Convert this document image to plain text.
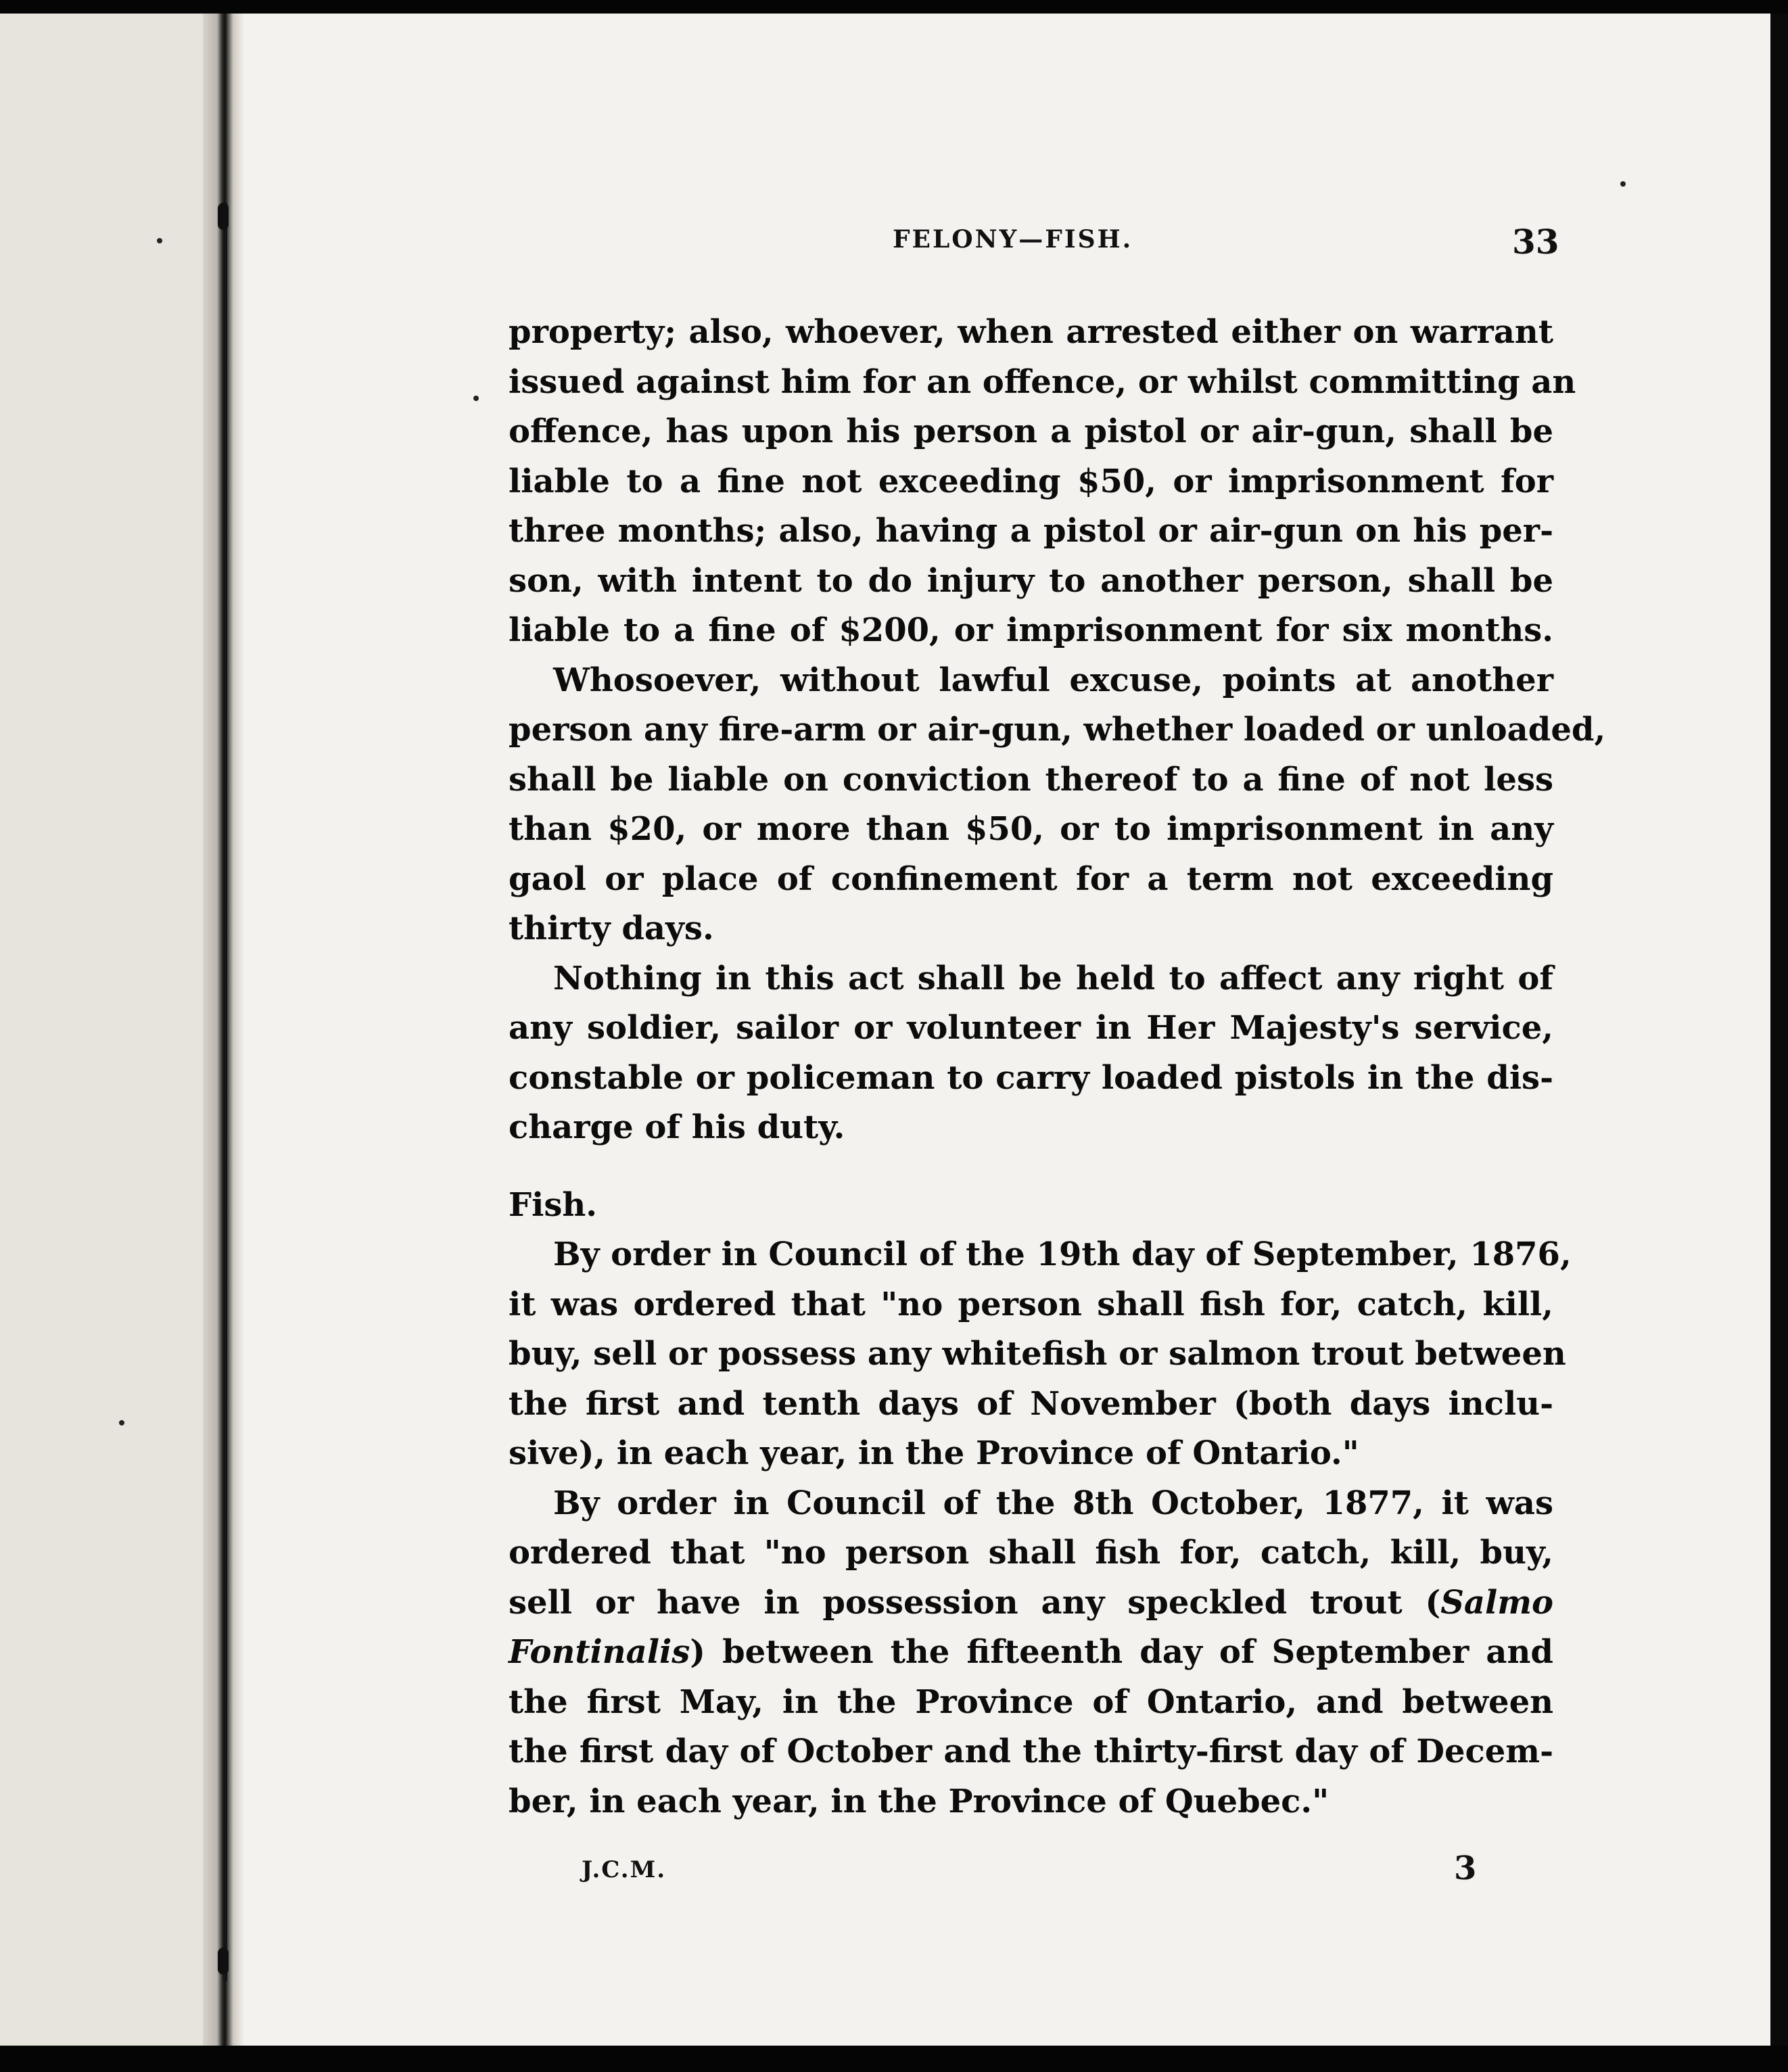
FELONY—FISH.	33
property; also, whoever, when arrested either on warrant
issued against him for an offence, or whilst committing an
offence, has upon his person a pistol or air-gun, shall be
liable to a fine not exceeding $50, or imprisonment for
three months; also, having a pistol or air-gun on his per-
son, with intent to do injury to another person, shall be
liable to a fine of $200, or imprisonment for six months.
Whosoever, without lawful excuse, points at another
person any fire-arm or air-gun, whether loaded or unloaded,
shall be liable on conviction thereof to a fine of not less
than $20, or more than $50, or to imprisonment in any
gaol or place of confinement for a term not exceeding
thirty days.
Nothing in this act shall be held to affect any right of
any soldier, sailor or volunteer in Her Majesty's service,
constable or policeman to carry loaded pistols in the dis-
charge of his duty.
Fish.
By order in Council of the 19th day of September, 1876,
it was ordered that "no person shall fish for, catch, kill,
buy, sell or possess any whitefish or salmon trout between
the first and tenth days of November (both days inclu-
sive), in each year, in the Province of Ontario."
By order in Council of the 8th October, 1877, it was
ordered that "no person shall fish for, catch, kill, buy,
sell or have in possession any speckled trout (Salmo
Fontinalis) between the fifteenth day of September and
the first May, in the Province of Ontario, and between
the first day of October and the thirty-first day of Decem-
ber, in each year, in the Province of Quebec."
J.C.M.	3
